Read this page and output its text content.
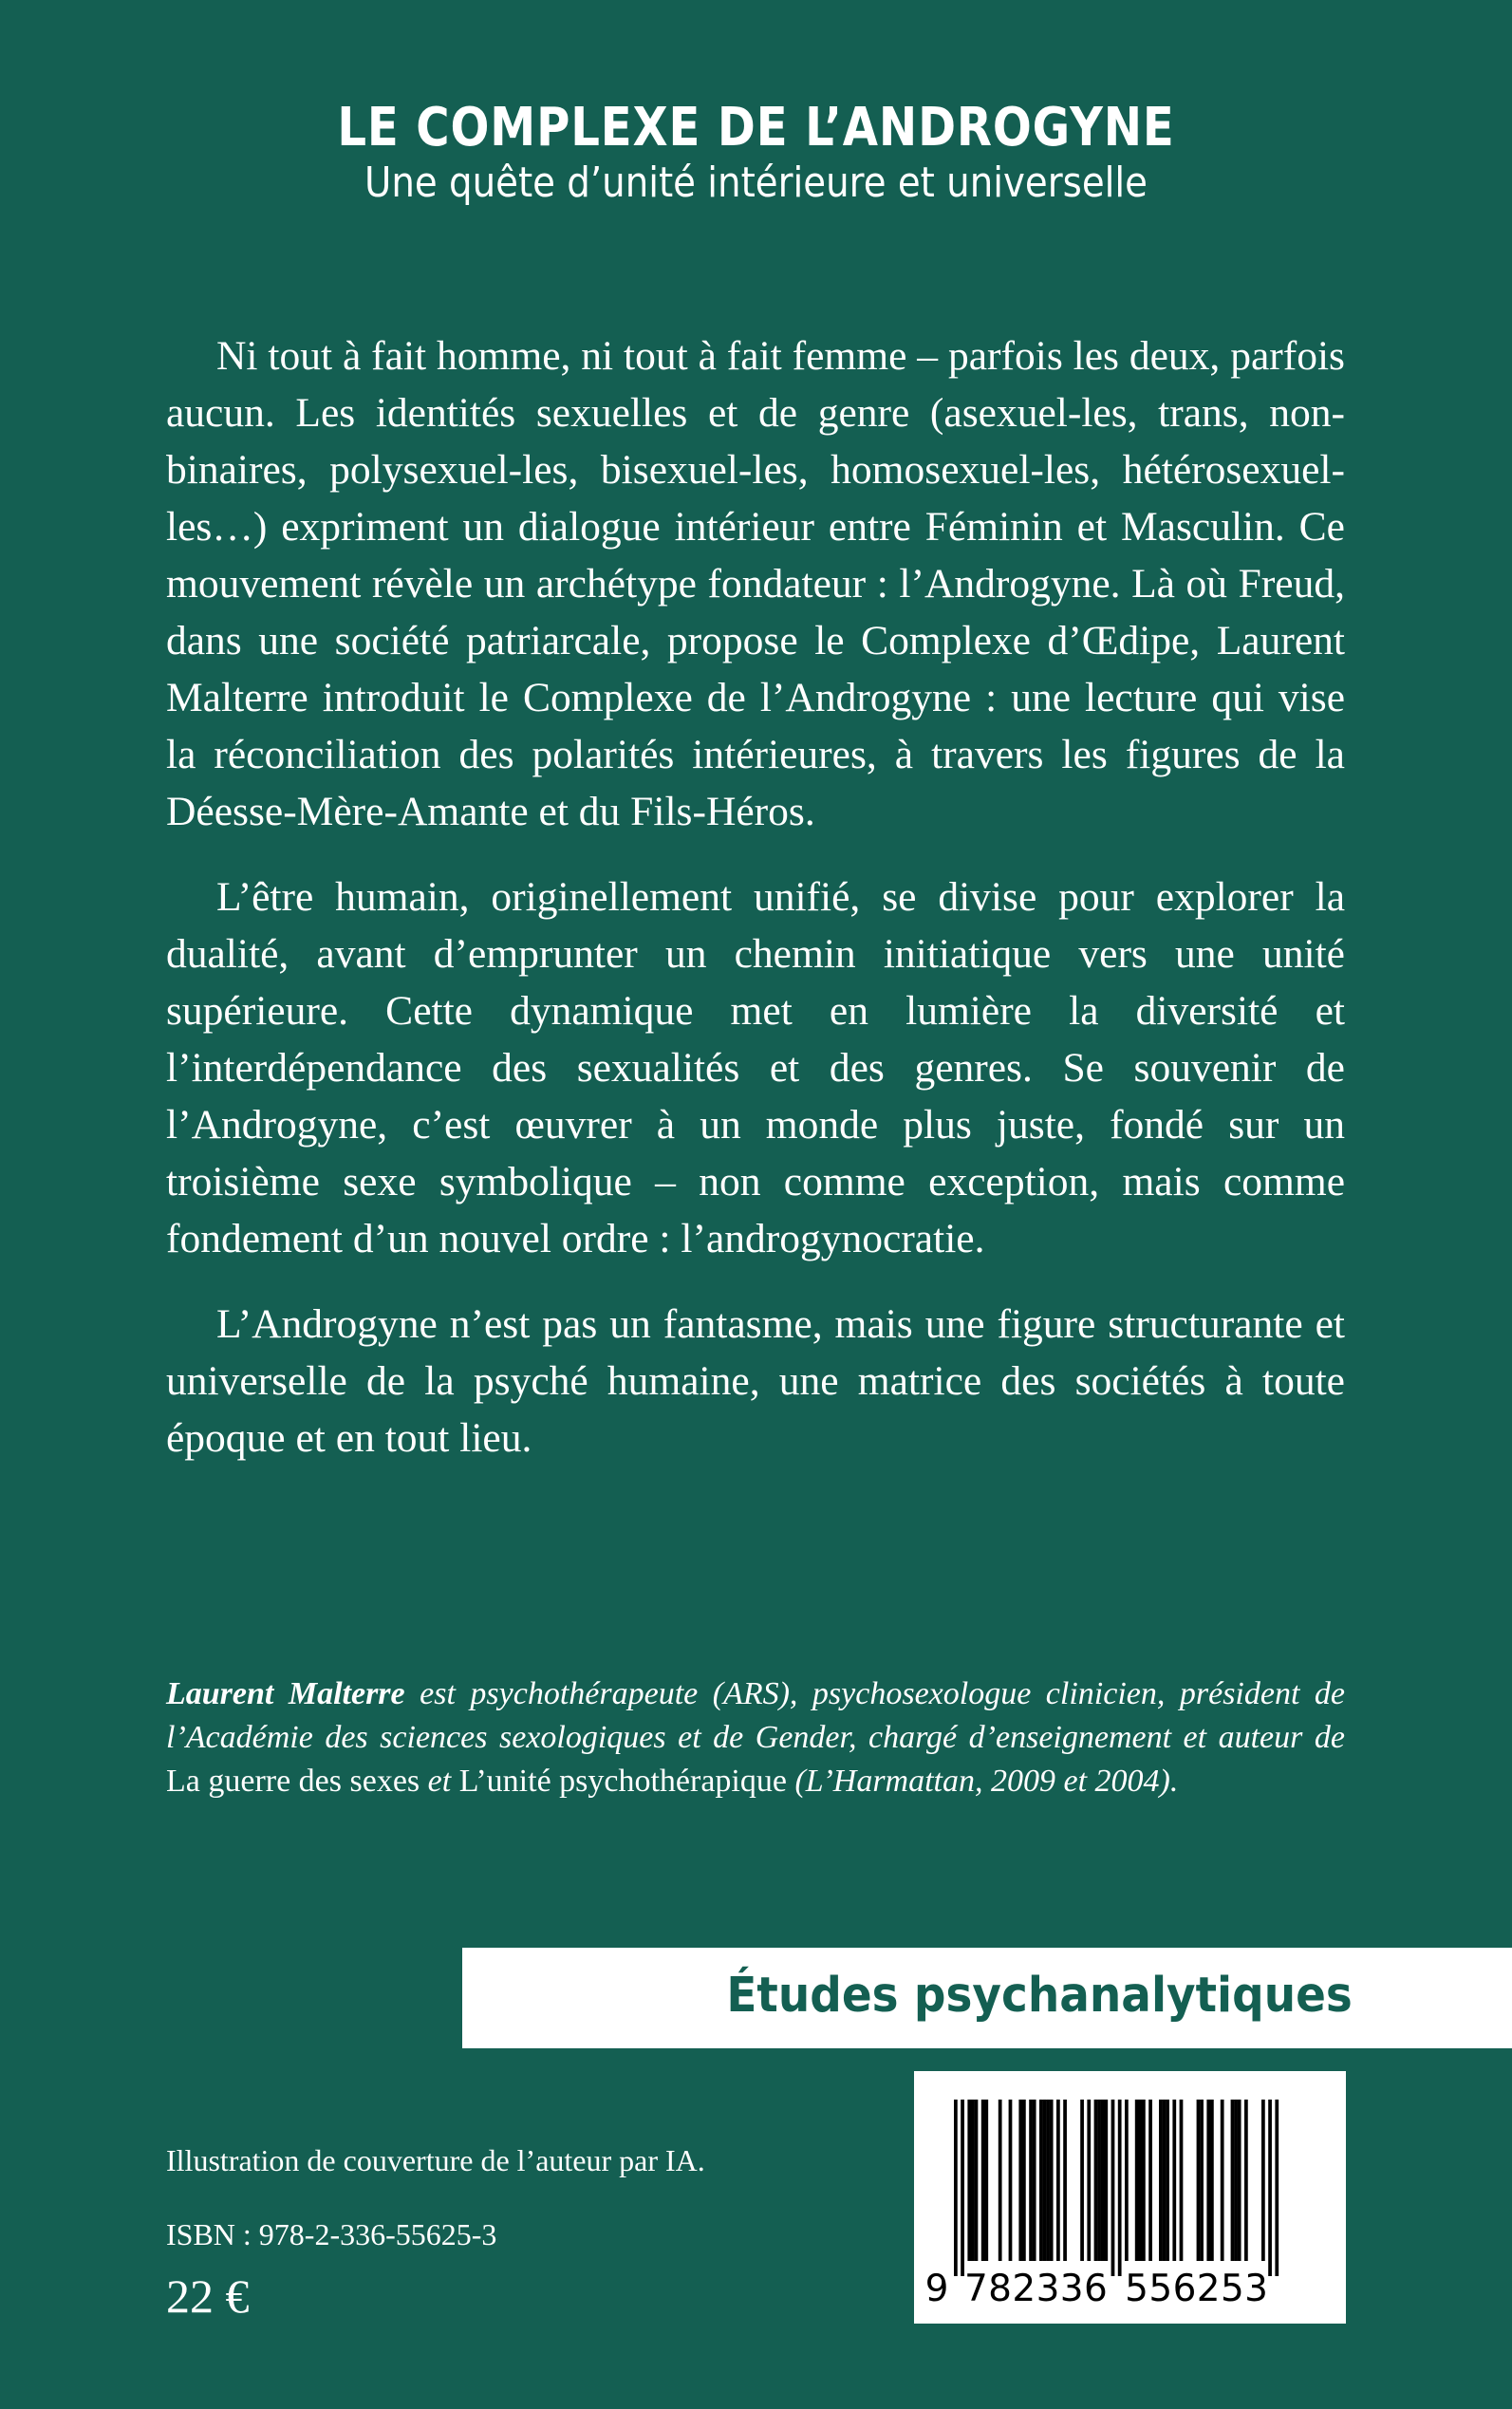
LE COMPLEXE DE L’ANDROGYNE
Une quête d’unité intérieure et universelle

Ni tout à fait homme, ni tout à fait femme – parfois les deux, parfois aucun. Les identités sexuelles et de genre (asexuel-les, trans, non-binaires, polysexuel-les, bisexuel-les, homosexuel-les, hétérosexuel-les…) expriment un dialogue intérieur entre Féminin et Masculin. Ce mouvement révèle un archétype fondateur : l’Androgyne. Là où Freud, dans une société patriarcale, propose le Complexe d’Œdipe, Laurent Malterre introduit le Complexe de l’Androgyne : une lecture qui vise la réconciliation des polarités intérieures, à travers les figures de la Déesse-Mère-Amante et du Fils-Héros.

L’être humain, originellement unifié, se divise pour explorer la dualité, avant d’emprunter un chemin initiatique vers une unité supérieure. Cette dynamique met en lumière la diversité et l’interdépendance des sexualités et des genres. Se souvenir de l’Androgyne, c’est œuvrer à un monde plus juste, fondé sur un troisième sexe symbolique – non comme exception, mais comme fondement d’un nouvel ordre : l’androgynocratie.

L’Androgyne n’est pas un fantasme, mais une figure structurante et universelle de la psyché humaine, une matrice des sociétés à toute époque et en tout lieu.

Laurent Malterre est psychothérapeute (ARS), psychosexologue clinicien, président de l’Académie des sciences sexologiques et de Gender, chargé d’enseignement et auteur de La guerre des sexes et L’unité psychothérapique (L’Harmattan, 2009 et 2004).

Études psychanalytiques
9 7 8 2 3 3 6 5 5 6 2 5 3

Illustration de couverture de l’auteur par IA.

ISBN : 978-2-336-55625-3

22 €
